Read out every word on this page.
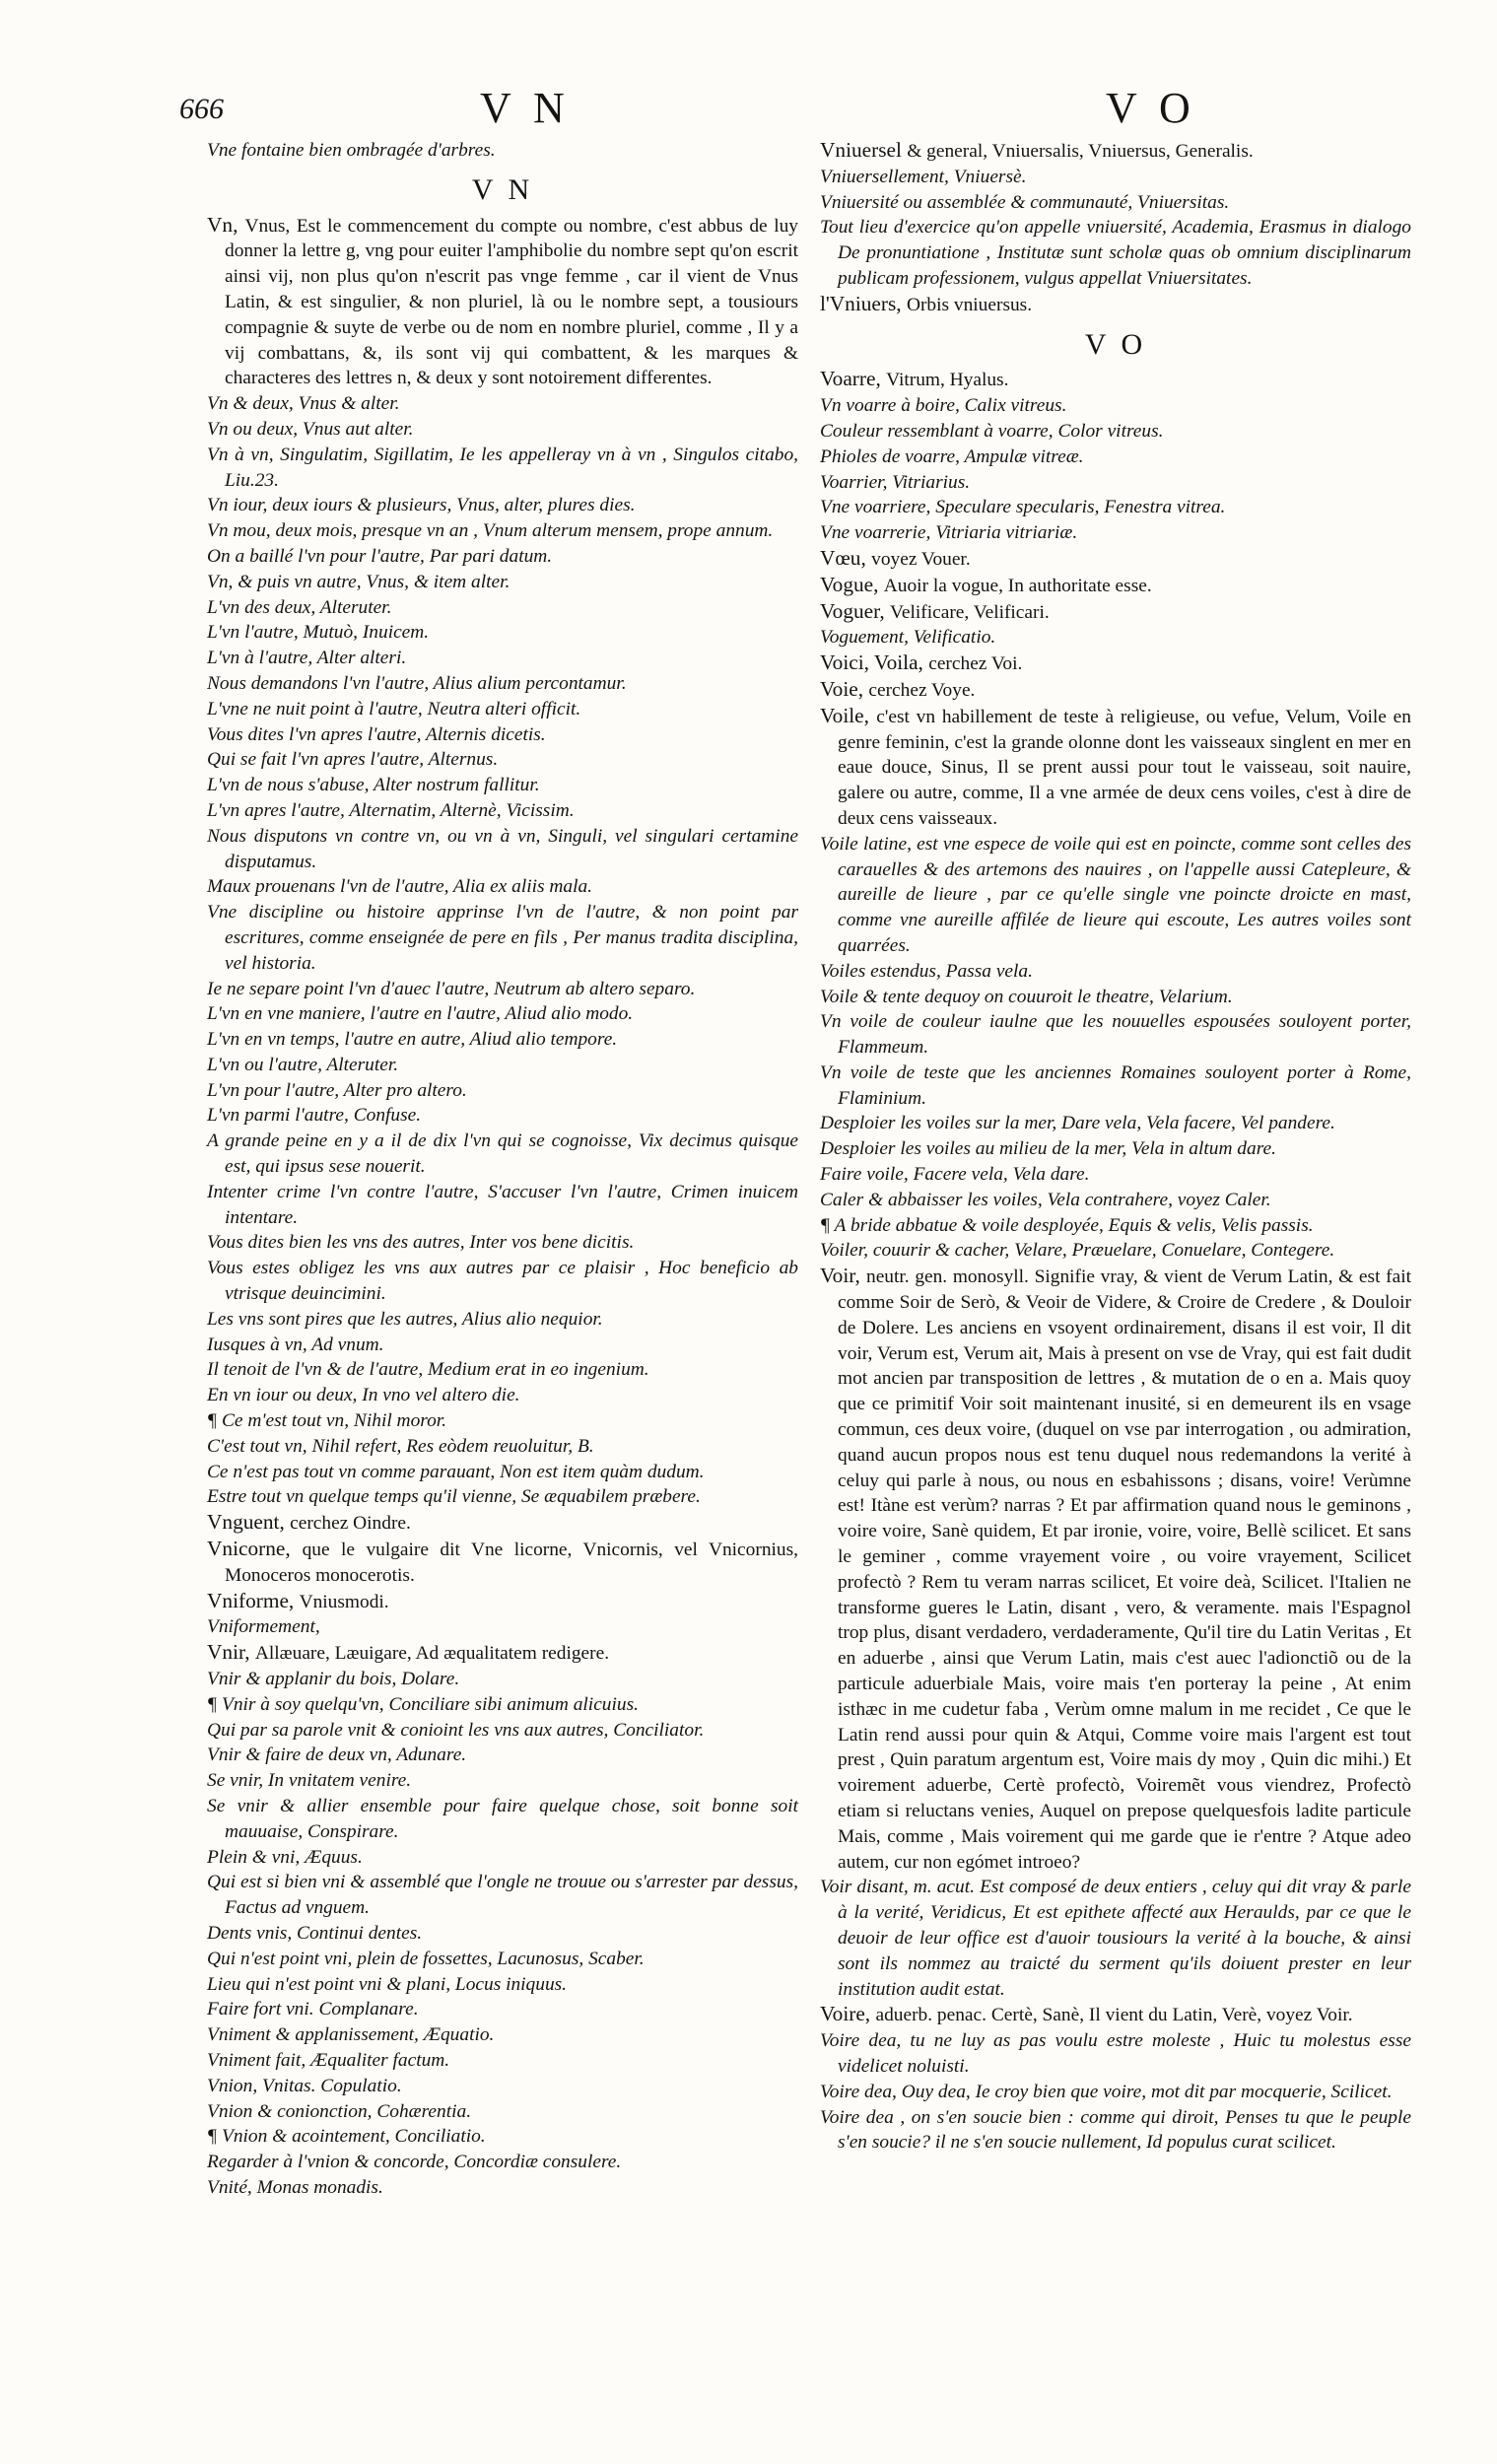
666	V N	V O

Vne fontaine bien ombragée d'arbres.

V N

Vn, Vnus, Est le commencement du compte ou nombre, c'est abbus de luy donner la lettre g, vng pour euiter l'amphibolie du nombre sept qu'on escrit ainsi vij, non plus qu'on n'escrit pas vnge femme , car il vient de Vnus Latin, & est singulier, & non pluriel, là ou le nombre sept, a tousiours compagnie & suyte de verbe ou de nom en nombre pluriel, comme , Il y a vij combattans, &, ils sont vij qui combattent, & les marques & characteres des lettres n, & deux y sont notoirement differentes.

Vn & deux, Vnus & alter.

Vn ou deux, Vnus aut alter.

Vn à vn, Singulatim, Sigillatim, Ie les appelleray vn à vn , Singulos citabo, Liu.23.

Vn iour, deux iours & plusieurs, Vnus, alter, plures dies.

Vn mou, deux mois, presque vn an , Vnum alterum mensem, prope annum.

On a baillé l'vn pour l'autre, Par pari datum.

Vn, & puis vn autre, Vnus, & item alter.

L'vn des deux, Alteruter.

L'vn l'autre, Mutuò, Inuicem.

L'vn à l'autre, Alter alteri.

Nous demandons l'vn l'autre, Alius alium percontamur.

L'vne ne nuit point à l'autre, Neutra alteri officit.

Vous dites l'vn apres l'autre, Alternis dicetis.

Qui se fait l'vn apres l'autre, Alternus.

L'vn de nous s'abuse, Alter nostrum fallitur.

L'vn apres l'autre, Alternatim, Alternè, Vicissim.

Nous disputons vn contre vn, ou vn à vn, Singuli, vel singulari certamine disputamus.

Maux prouenans l'vn de l'autre, Alia ex aliis mala.

Vne discipline ou histoire apprinse l'vn de l'autre, & non point par escritures, comme enseignée de pere en fils , Per manus tradita disciplina, vel historia.

Ie ne separe point l'vn d'auec l'autre, Neutrum ab altero separo.

L'vn en vne maniere, l'autre en l'autre, Aliud alio modo.

L'vn en vn temps, l'autre en autre, Aliud alio tempore.

L'vn ou l'autre, Alteruter.

L'vn pour l'autre, Alter pro altero.

L'vn parmi l'autre, Confuse.

A grande peine en y a il de dix l'vn qui se cognoisse, Vix decimus quisque est, qui ipsus sese nouerit.

Intenter crime l'vn contre l'autre, S'accuser l'vn l'autre, Crimen inuicem intentare.

Vous dites bien les vns des autres, Inter vos bene dicitis.

Vous estes obligez les vns aux autres par ce plaisir , Hoc beneficio ab vtrisque deuincimini.

Les vns sont pires que les autres, Alius alio nequior.

Iusques à vn, Ad vnum.

Il tenoit de l'vn & de l'autre, Medium erat in eo ingenium.

En vn iour ou deux, In vno vel altero die.

¶ Ce m'est tout vn, Nihil moror.

C'est tout vn, Nihil refert, Res eòdem reuoluitur, B.

Ce n'est pas tout vn comme parauant, Non est item quàm dudum.

Estre tout vn quelque temps qu'il vienne, Se æquabilem præbere.

Vnguent, cerchez Oindre.

Vnicorne, que le vulgaire dit Vne licorne, Vnicornis, vel Vnicornius, Monoceros monocerotis.

Vniforme, Vniusmodi.

Vniformement,

Vnir, Allæuare, Læuigare, Ad æqualitatem redigere.

Vnir & applanir du bois, Dolare.

¶ Vnir à soy quelqu'vn, Conciliare sibi animum alicuius.

Qui par sa parole vnit & conioint les vns aux autres, Conciliator.

Vnir & faire de deux vn, Adunare.

Se vnir, In vnitatem venire.

Se vnir & allier ensemble pour faire quelque chose, soit bonne soit mauuaise, Conspirare.

Plein & vni, Æquus.

Qui est si bien vni & assemblé que l'ongle ne trouue ou s'arrester par dessus, Factus ad vnguem.

Dents vnis, Continui dentes.

Qui n'est point vni, plein de fossettes, Lacunosus, Scaber.

Lieu qui n'est point vni & plani, Locus iniquus.

Faire fort vni. Complanare.

Vniment & applanissement, Æquatio.

Vniment fait, Æqualiter factum.

Vnion, Vnitas. Copulatio.

Vnion & conionction, Cohærentia.

¶ Vnion & acointement, Conciliatio.

Regarder à l'vnion & concorde, Concordiæ consulere.

Vnité, Monas monadis.

Vniuersel & general, Vniuersalis, Vniuersus, Generalis.

Vniuersellement, Vniuersè.

Vniuersité ou assemblée & communauté, Vniuersitas.

Tout lieu d'exercice qu'on appelle vniuersité, Academia, Erasmus in dialogo De pronuntiatione , Institutæ sunt scholæ quas ob omnium disciplinarum publicam professionem, vulgus appellat Vniuersitates.

l'Vniuers, Orbis vniuersus.

V O

Voarre, Vitrum, Hyalus.

Vn voarre à boire, Calix vitreus.

Couleur ressemblant à voarre, Color vitreus.

Phioles de voarre, Ampulæ vitreæ.

Voarrier, Vitriarius.

Vne voarriere, Speculare specularis, Fenestra vitrea.

Vne voarrerie, Vitriaria vitriariæ.

Vœu, voyez Vouer.

Vogue, Auoir la vogue, In authoritate esse.

Voguer, Velificare, Velificari.

Voguement, Velificatio.

Voici, Voila, cerchez Voi.

Voie, cerchez Voye.

Voile, c'est vn habillement de teste à religieuse, ou vefue, Velum, Voile en genre feminin, c'est la grande olonne dont les vaisseaux singlent en mer en eaue douce, Sinus, Il se prent aussi pour tout le vaisseau, soit nauire, galere ou autre, comme, Il a vne armée de deux cens voiles, c'est à dire de deux cens vaisseaux.

Voile latine, est vne espece de voile qui est en poincte, comme sont celles des carauelles & des artemons des nauires , on l'appelle aussi Catepleure, & aureille de lieure , par ce qu'elle single vne poincte droicte en mast, comme vne aureille affilée de lieure qui escoute, Les autres voiles sont quarrées.

Voiles estendus, Passa vela.

Voile & tente dequoy on couuroit le theatre, Velarium.

Vn voile de couleur iaulne que les nouuelles espousées souloyent porter, Flammeum.

Vn voile de teste que les anciennes Romaines souloyent porter à Rome, Flaminium.

Desploier les voiles sur la mer, Dare vela, Vela facere, Vel pandere.

Desploier les voiles au milieu de la mer, Vela in altum dare.

Faire voile, Facere vela, Vela dare.

Caler & abbaisser les voiles, Vela contrahere, voyez Caler.

¶ A bride abbatue & voile desployée, Equis & velis, Velis passis.

Voiler, couurir & cacher, Velare, Præuelare, Conuelare, Contegere.

Voir, neutr. gen. monosyll. Signifie vray, & vient de Verum Latin, & est fait comme Soir de Serò, & Veoir de Videre, & Croire de Credere , & Douloir de Dolere. Les anciens en vsoyent ordinairement, disans il est voir, Il dit voir, Verum est, Verum ait, Mais à present on vse de Vray, qui est fait dudit mot ancien par transposition de lettres , & mutation de o en a. Mais quoy que ce primitif Voir soit maintenant inusité, si en demeurent ils en vsage commun, ces deux voire, (duquel on vse par interrogation , ou admiration, quand aucun propos nous est tenu duquel nous redemandons la verité à celuy qui parle à nous, ou nous en esbahissons ; disans, voire! Verùmne est! Itàne est verùm? narras ? Et par affirmation quand nous le geminons , voire voire, Sanè quidem, Et par ironie, voire, voire, Bellè scilicet. Et sans le geminer , comme vrayement voire , ou voire vrayement, Scilicet profectò ? Rem tu veram narras scilicet, Et voire deà, Scilicet. l'Italien ne transforme gueres le Latin, disant , vero, & veramente. mais l'Espagnol trop plus, disant verdadero, verdaderamente, Qu'il tire du Latin Veritas , Et en aduerbe , ainsi que Verum Latin, mais c'est auec l'adionctiõ ou de la particule aduerbiale Mais, voire mais t'en porteray la peine , At enim isthæc in me cudetur faba , Verùm omne malum in me recidet , Ce que le Latin rend aussi pour quin & Atqui, Comme voire mais l'argent est tout prest , Quin paratum argentum est, Voire mais dy moy , Quin dic mihi.) Et voirement aduerbe, Certè profectò, Voiremẽt vous viendrez, Profectò etiam si reluctans venies, Auquel on prepose quelquesfois ladite particule Mais, comme , Mais voirement qui me garde que ie r'entre ? Atque adeo autem, cur non egómet introeo?

Voir disant, m. acut. Est composé de deux entiers , celuy qui dit vray & parle à la verité, Veridicus, Et est epithete affecté aux Heraulds, par ce que le deuoir de leur office est d'auoir tousiours la verité à la bouche, & ainsi sont ils nommez au traicté du serment qu'ils doiuent prester en leur institution audit estat.

Voire, aduerb. penac. Certè, Sanè, Il vient du Latin, Verè, voyez Voir.

Voire dea, tu ne luy as pas voulu estre moleste , Huic tu molestus esse videlicet noluisti.

Voire dea, Ouy dea, Ie croy bien que voire, mot dit par mocquerie, Scilicet.

Voire dea , on s'en soucie bien : comme qui diroit, Penses tu que le peuple s'en soucie? il ne s'en soucie nullement, Id populus curat scilicet.
